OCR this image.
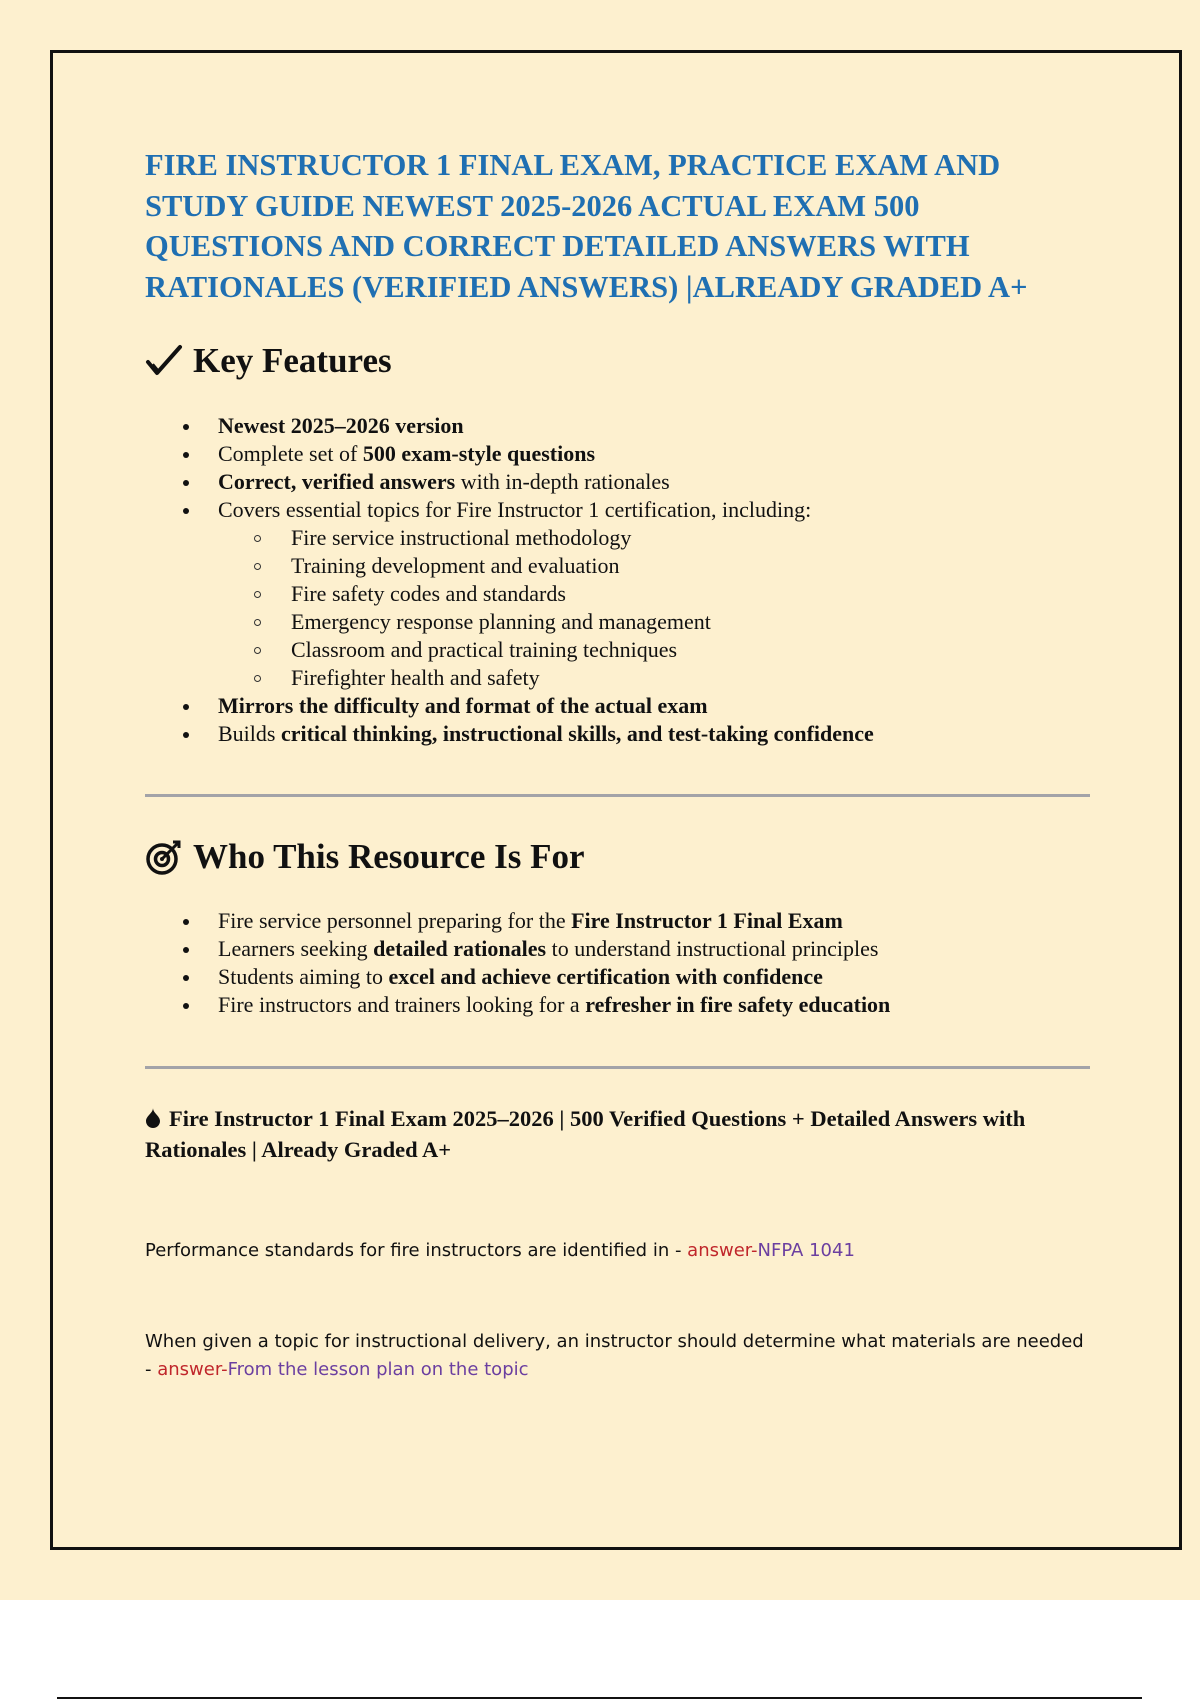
FIRE INSTRUCTOR 1 FINAL EXAM, PRACTICE EXAM AND STUDY GUIDE NEWEST 2025-2026 ACTUAL EXAM 500 QUESTIONS AND CORRECT DETAILED ANSWERS WITH RATIONALES (VERIFIED ANSWERS) |ALREADY GRADED A+
Key Features
Newest 2025–2026 version
Complete set of 500 exam-style questions
Correct, verified answers with in-depth rationales
Covers essential topics for Fire Instructor 1 certification, including:
Fire service instructional methodology
Training development and evaluation
Fire safety codes and standards
Emergency response planning and management
Classroom and practical training techniques
Firefighter health and safety
Mirrors the difficulty and format of the actual exam
Builds critical thinking, instructional skills, and test-taking confidence
Who This Resource Is For
Fire service personnel preparing for the Fire Instructor 1 Final Exam
Learners seeking detailed rationales to understand instructional principles
Students aiming to excel and achieve certification with confidence
Fire instructors and trainers looking for a refresher in fire safety education

Fire Instructor 1 Final Exam 2025–2026 | 500 Verified Questions + Detailed Answers with Rationales | Already Graded A+

Performance standards for fire instructors are identified in - answer-NFPA 1041

When given a topic for instructional delivery, an instructor should determine what materials are needed - answer-From the lesson plan on the topic
